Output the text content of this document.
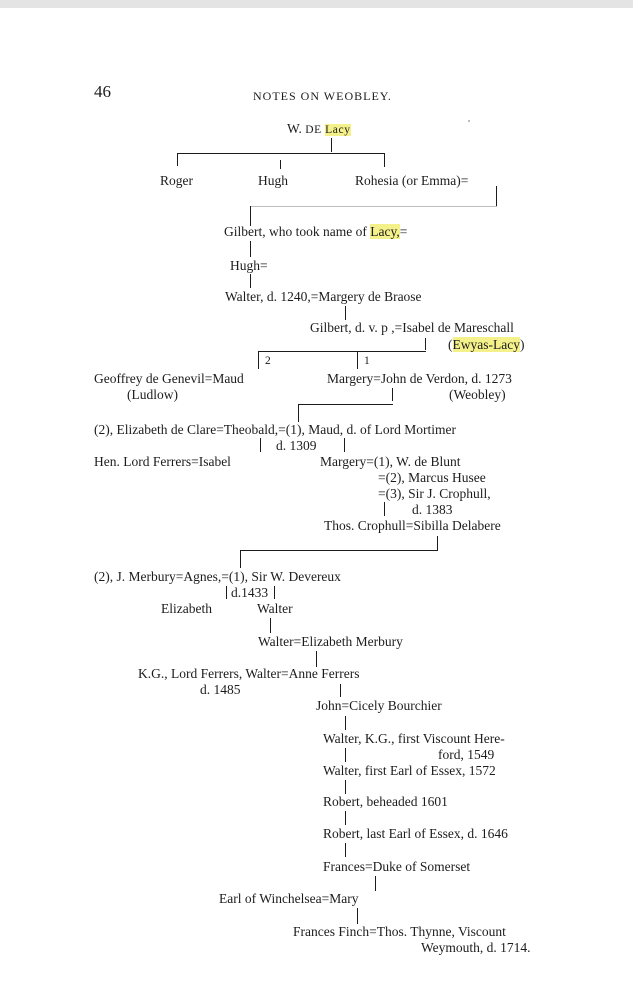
46	NOTES ON WEOBLEY.
W. DE Lacy
Roger	Hugh	Rohesia (or Emma)=
Gilbert, who took name of Lacy,=
Hugh=
Walter, d. 1240,=Margery de Braose
Gilbert, d. v. p ,=Isabel de Mareschall
(Ewyas-Lacy)
2	1
Geoffrey de Genevil=Maud
(Ludlow)
Margery=John de Verdon, d. 1273
(Weobley)
(2), Elizabeth de Clare=Theobald,=(1), Maud, d. of Lord Mortimer
d. 1309
Hen. Lord Ferrers=Isabel	Margery=(1), W. de Blunt
=(2), Marcus Husee
=(3), Sir J. Crophull,
d. 1383
Thos. Crophull=Sibilla Delabere
(2), J. Merbury=Agnes,=(1), Sir W. Devereux
d.1433
Elizabeth	Walter
Walter=Elizabeth Merbury
K.G., Lord Ferrers, Walter=Anne Ferrers
d. 1485
John=Cicely Bourchier
Walter, K.G., first Viscount Here-
ford, 1549
Walter, first Earl of Essex, 1572
Robert, beheaded 1601
Robert, last Earl of Essex, d. 1646
Frances=Duke of Somerset
Earl of Winchelsea=Mary
Frances Finch=Thos. Thynne, Viscount
Weymouth, d. 1714.
